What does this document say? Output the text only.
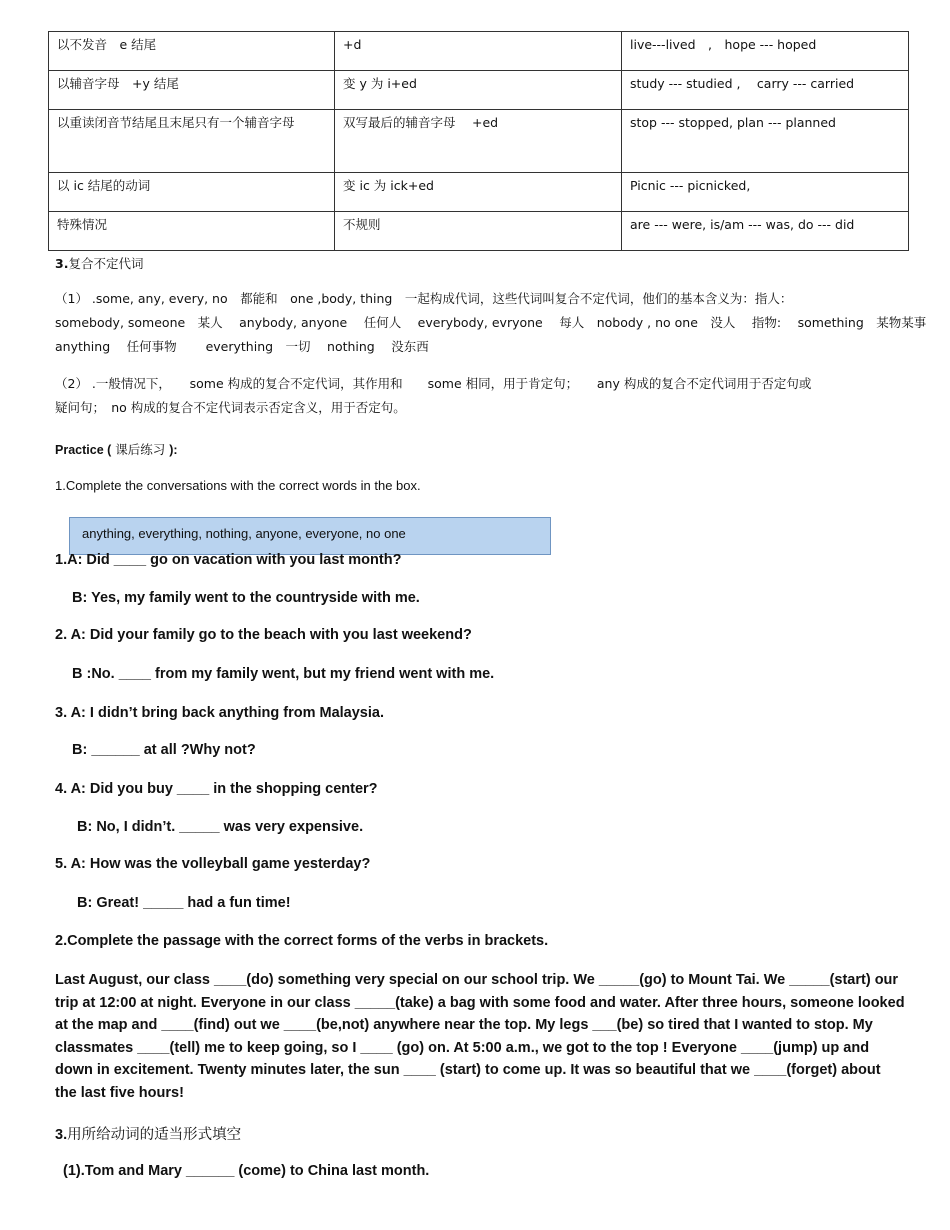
以不发音　e 结尾	+d	live---lived　,　hope --- hoped
以辅音字母　+y 结尾	变 y 为 i+ed	study --- studied ,　 carry --- carried
以重读闭音节结尾且末尾只有一个辅音字母	双写最后的辅音字母　 +ed	stop --- stopped, plan --- planned
以 ic 结尾的动词	变 ic 为 ick+ed	Picnic --- picnicked,
特殊情况	不规则	are --- were, is/am --- was, do --- did
3.复合不定代词
（1） .some, any, every, no　都能和　one ,body, thing　一起构成代词，这些代词叫复合不定代词，他们的基本含义为：指人：
somebody, someone　某人　 anybody, anyone　 任何人　 everybody, evryone　 每人　nobody , no one　没人　 指物:　 something　某物某事
anything　 任何事物　　 everything　一切　 nothing　 没东西
（2） .一般情况下，　　some 构成的复合不定代词，其作用和　　some 相同，用于肯定句；　　any 构成的复合不定代词用于否定句或
疑问句；　no 构成的复合不定代词表示否定含义，用于否定句。
Practice ( 课后练习 ):
1.Complete the conversations with the correct words in the box.
anything, everything, nothing, anyone, everyone, no one
1.A: Did ____ go on vacation with you last month?
B: Yes, my family went to the countryside with me.
2. A: Did your family go to the beach with you last weekend?
B :No. ____ from my family went, but my friend went with me.
3. A: I didn’t bring back anything from Malaysia.
B: ______ at all ?Why not?
4. A: Did you buy ____ in the shopping center?
B: No, I didn’t. _____ was very expensive.
5. A: How was the volleyball game yesterday?
B: Great! _____ had a fun time!
2.Complete the passage with the correct forms of the verbs in brackets.
Last August, our class ____(do) something very special on our school trip. We _____(go) to Mount Tai. We _____(start) our trip at 12:00 at night. Everyone in our class _____(take) a bag with some food and water. After three hours, someone looked at the map and ____(find) out we ____(be,not) anywhere near the top. My legs ___(be) so tired that I wanted to stop. My classmates ____(tell) me to keep going, so I ____ (go) on. At 5:00 a.m., we got to the top ! Everyone ____(jump) up and down in excitement. Twenty minutes later, the sun ____ (start) to come up. It was so beautiful that we ____(forget) about the last five hours!
3.用所给动词的适当形式填空
(1).Tom and Mary ______ (come) to China last month.
